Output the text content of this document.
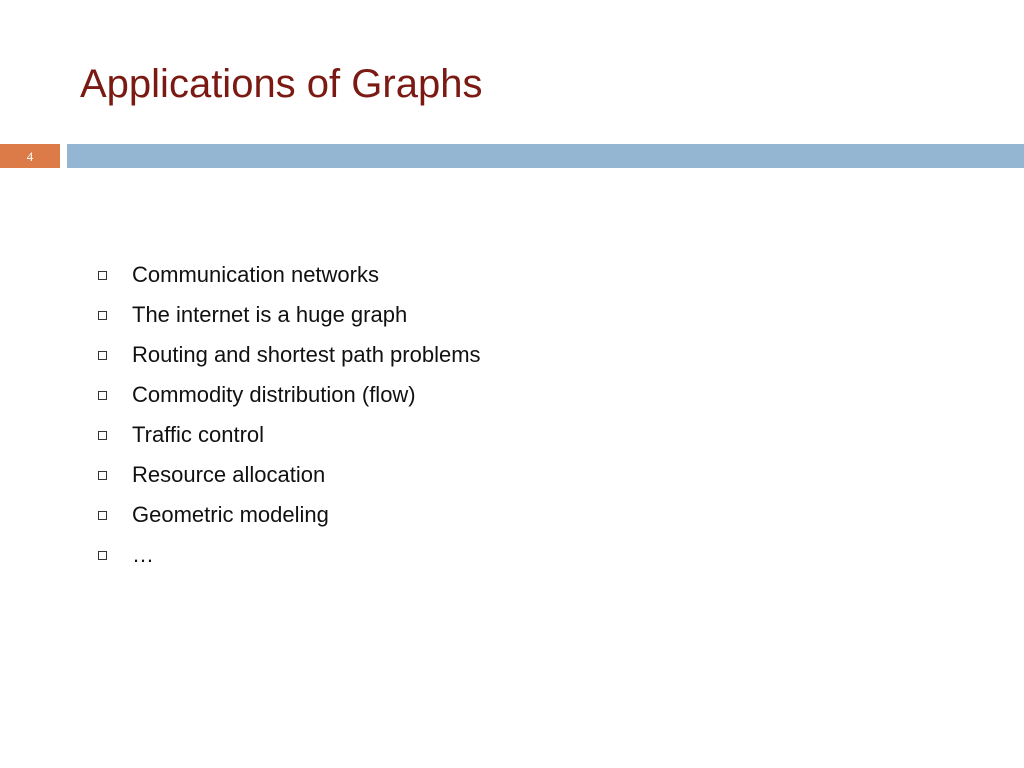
Applications of Graphs
4
Communication networks
The internet is a huge graph
Routing and shortest path problems
Commodity distribution (flow)
Traffic control
Resource allocation
Geometric modeling
…
